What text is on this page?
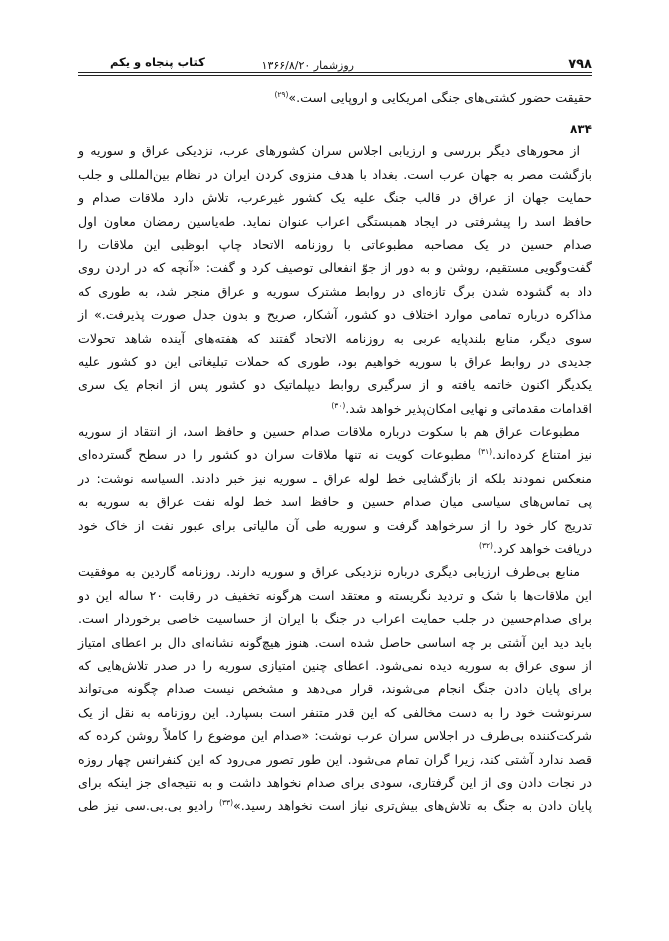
۷۹۸
روزشمار ۱۳۶۶/۸/۲۰
کتاب پنجاه و یکم
حقیقت حضور کشتی‌های جنگی امریکایی و اروپایی است.»$^{(۲۹)}$
۸۳۴
از محورهای دیگر بررسی و ارزیابی اجلاس سران کشورهای عرب، نزدیکی عراق و سوریه و
بازگشت مصر به جهان عرب است. بغداد با هدف منزوی کردن ایران در نظام بین‌المللی و جلب
حمایت جهان از عراق در قالب جنگ علیه یک کشور غیرعرب، تلاش دارد ملاقات صدام و
حافظ اسد را پیشرفتی در ایجاد همبستگی اعراب عنوان نماید. طه‌یاسین رمضان معاون اول
صدام حسین در یک مصاحبه مطبوعاتی با روزنامه الاتحاد چاپ ابوظبی این ملاقات را
گفت‌وگویی مستقیم، روشن و به دور از جوّ انفعالی توصیف کرد و گفت: «آنچه که در اردن روی
داد به گشوده شدن برگ تازه‌ای در روابط مشترک سوریه و عراق منجر شد، به طوری که
مذاکره درباره تمامی موارد اختلاف دو کشور، آشکار، صریح و بدون جدل صورت پذیرفت.» از
سوی دیگر، منابع بلندپایه عربی به روزنامه الاتحاد گفتند که هفته‌های آینده شاهد تحولات
جدیدی در روابط عراق با سوریه خواهیم بود، طوری که حملات تبلیغاتی این دو کشور علیه
یکدیگر اکنون خاتمه یافته و از سرگیری روابط دیپلماتیک دو کشور پس از انجام یک سری
اقدامات مقدماتی و نهایی امکان‌پذیر خواهد شد.$^{(۳۰)}$
مطبوعات عراق هم با سکوت درباره ملاقات صدام حسین و حافظ اسد، از انتقاد از سوریه
نیز امتناع کرده‌اند.$^{(۳۱)}$ مطبوعات کویت نه تنها ملاقات سران دو کشور را در سطح گسترده‌ای
منعکس نمودند بلکه از بازگشایی خط لوله عراق ـ سوریه نیز خبر دادند. السیاسه نوشت: در
پی تماس‌های سیاسی میان صدام حسین و حافظ اسد خط لوله نفت عراق به سوریه به
تدریج کار خود را از سرخواهد گرفت و سوریه طی آن مالیاتی برای عبور نفت از خاک خود
دریافت خواهد کرد.$^{(۳۲)}$
منابع بی‌طرف ارزیابی دیگری درباره نزدیکی عراق و سوریه دارند. روزنامه گاردین به موفقیت
این ملاقات‌ها با شک و تردید نگریسته و معتقد است هرگونه تخفیف در رقابت ۲۰ ساله این دو
برای صدام‌حسین در جلب حمایت اعراب در جنگ با ایران از حساسیت خاصی برخوردار است.
باید دید این آشتی بر چه اساسی حاصل شده است. هنوز هیچ‌گونه نشانه‌ای دال بر اعطای امتیاز
از سوی عراق به سوریه دیده نمی‌شود. اعطای چنین امتیازی سوریه را در صدر تلاش‌هایی که
برای پایان دادن جنگ انجام می‌شوند، قرار می‌دهد و مشخص نیست صدام چگونه می‌تواند
سرنوشت خود را به دست مخالفی که این قدر متنفر است بسپارد. این روزنامه به نقل از یک
شرکت‌کننده بی‌طرف در اجلاس سران عرب نوشت: «صدام این موضوع را کاملاً روشن کرده که
قصد ندارد آشتی کند، زیرا گران تمام می‌شود. این طور تصور می‌رود که این کنفرانس چهار روزه
در نجات دادن وی از این گرفتاری، سودی برای صدام نخواهد داشت و به نتیجه‌ای جز اینکه برای
پایان دادن به جنگ به تلاش‌های بیش‌تری نیاز است نخواهد رسید.»$^{(۳۳)}$ رادیو بی.بی.سی نیز طی
